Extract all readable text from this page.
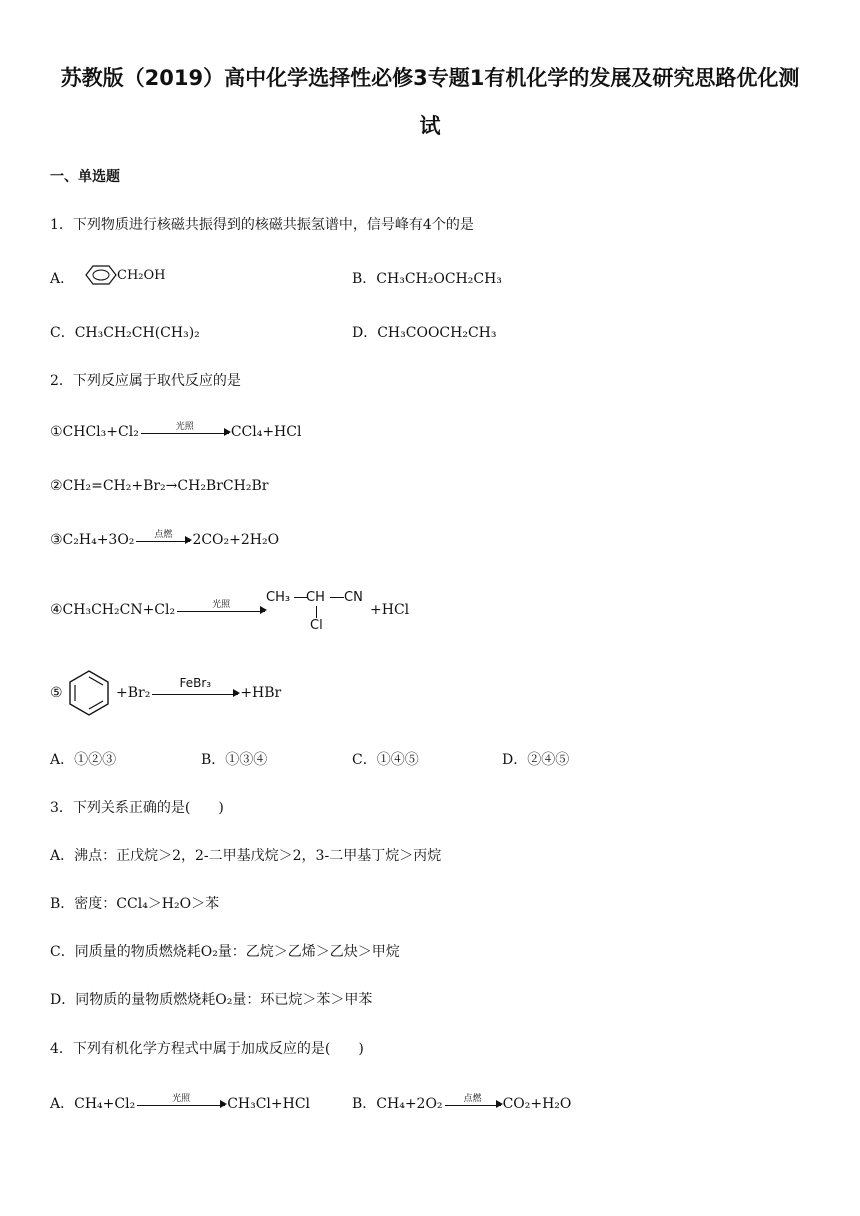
苏教版（2019）高中化学选择性必修3专题1有机化学的发展及研究思路优化测
试
一、单选题
1．下列物质进行核磁共振得到的核磁共振氢谱中，信号峰有4个的是
A．	CH₂OH	B．CH₃CH₂OCH₂CH₃
C．CH₃CH₂CH(CH₃)₂	D．CH₃COOCH₂CH₃
2．下列反应属于取代反应的是
①CHCl₃+Cl₂	光照	CCl₄+HCl
②CH₂=CH₂+Br₂→CH₂BrCH₂Br
③C₂H₄+3O₂	点燃	2CO₂+2H₂O
④CH₃CH₂CN+Cl₂	光照	CH₃ CH CN
Cl
+HCl
⑤	+Br₂
FeBr₃
+HBr
A．①②③	B．①③④	C．①④⑤	D．②④⑤
3．下列关系正确的是(　　)
A．沸点：正戊烷＞2，2-二甲基戊烷＞2，3-二甲基丁烷＞丙烷
B．密度：CCl₄＞H₂O＞苯
C．同质量的物质燃烧耗O₂量：乙烷＞乙烯＞乙炔＞甲烷
D．同物质的量物质燃烧耗O₂量：环已烷＞苯＞甲苯
4．下列有机化学方程式中属于加成反应的是(　　)
A．CH₄+Cl₂	光照	CH₃Cl+HCl	B．CH₄+2O₂	点燃	CO₂+H₂O
